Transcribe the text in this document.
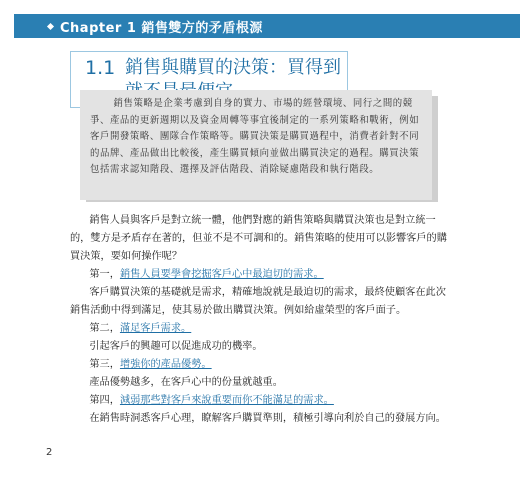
Chapter 1 銷售雙方的矛盾根源
1.1 銷售與購買的決策：買得到

銷售策略是企業考慮到自身的實力、市場的經營環境、同行之間的競爭、產品的更新週期以及資金周轉等事宜後制定的一系列策略和戰術，例如客戶開發策略、團隊合作策略等。購買決策是購買過程中，消費者針對不同的品牌、產品做出比較後，產生購買傾向並做出購買決定的過程。購買決策包括需求認知階段、選擇及評估階段、消除疑慮階段和執行階段。

銷售人員與客戶是對立統一體，他們對應的銷售策略與購買決策也是對立統一的，雙方是矛盾存在著的，但並不是不可調和的。銷售策略的使用可以影響客戶的購買決策，要如何操作呢？

第一，銷售人員要學會挖掘客戶心中最迫切的需求。

客戶購買決策的基礎就是需求，精確地說就是最迫切的需求，最終使顧客在此次銷售活動中得到滿足，使其易於做出購買決策。例如給虛榮型的客戶面子。

第二，滿足客戶需求。

引起客戶的興趣可以促進成功的機率。

第三，增強你的產品優勢。

產品優勢越多，在客戶心中的份量就越重。

第四，減弱那些對客戶來說重要而你不能滿足的需求。

在銷售時洞悉客戶心理，瞭解客戶購買準則，積極引導向利於自己的發展方向。

2
